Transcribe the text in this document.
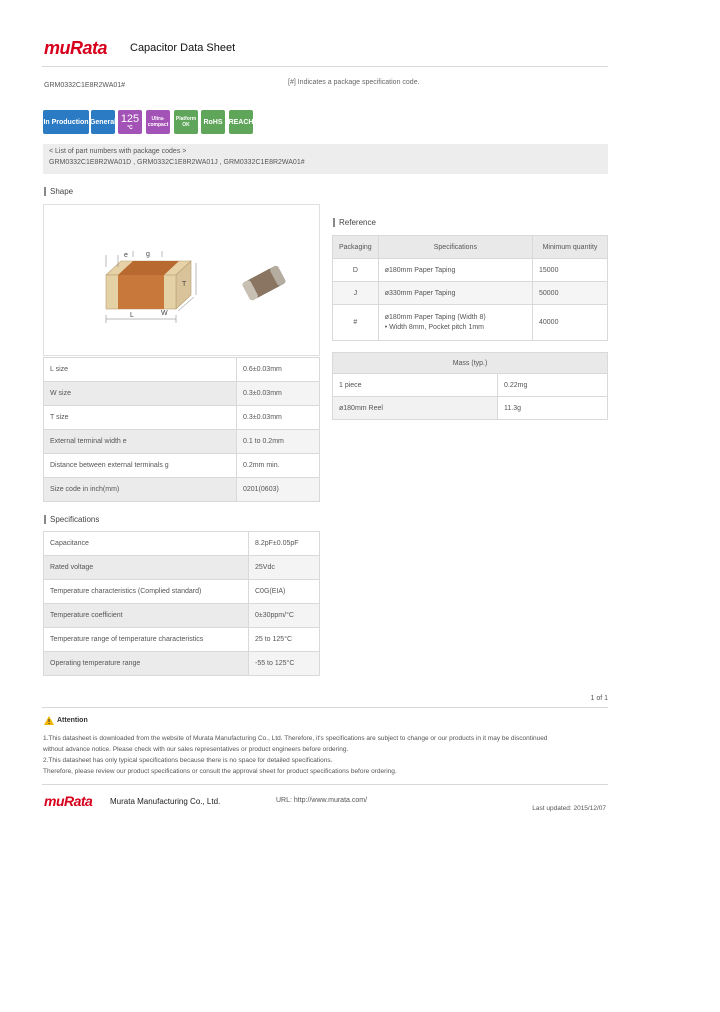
muRata Capacitor Data Sheet
GRM0332C1E8R2WA01#	[#] Indicates a package specification code.
In Production General 125
°C
Ultra-compact
Platform OK	RoHS REACH
< List of part numbers with package codes >
GRM0332C1E8R2WA01D , GRM0332C1E8R2WA01J , GRM0332C1E8R2WA01#
Shape
e	g
T
L	W
L size	0.6±0.03mm
W size	0.3±0.03mm
T size	0.3±0.03mm
External terminal width e	0.1 to 0.2mm
Distance between external terminals g	0.2mm min.
Size code in inch(mm)	0201(0603)
Reference
Packaging	Specifications	Minimum quantity
D	ø180mm Paper Taping	15000
J	ø330mm Paper Taping	50000
#	ø180mm Paper Taping (Width 8)
• Width 8mm, Pocket pitch 1mm	40000
Mass (typ.)	
1 piece	0.22mg
ø180mm Reel	11.3g
Specifications
Capacitance	8.2pF±0.05pF
Rated voltage	25Vdc
Temperature characteristics (Complied standard)	C0G(EIA)
Temperature coefficient	0±30ppm/°C
Temperature range of temperature characteristics	25 to 125°C
Operating temperature range	-55 to 125°C
1 of 1
Attention
1.This datasheet is downloaded from the website of Murata Manufacturing Co., Ltd. Therefore, it's specifications are subject to change or our products in it may be discontinued
without advance notice. Please check with our sales representatives or product engineers before ordering.
2.This datasheet has only typical specifications because there is no space for detailed specifications.
Therefore, please review our product specifications or consult the approval sheet for product specifications before ordering.
muRata Murata Manufacturing Co., Ltd.	URL: http://www.murata.com/
Last updated: 2015/12/07
